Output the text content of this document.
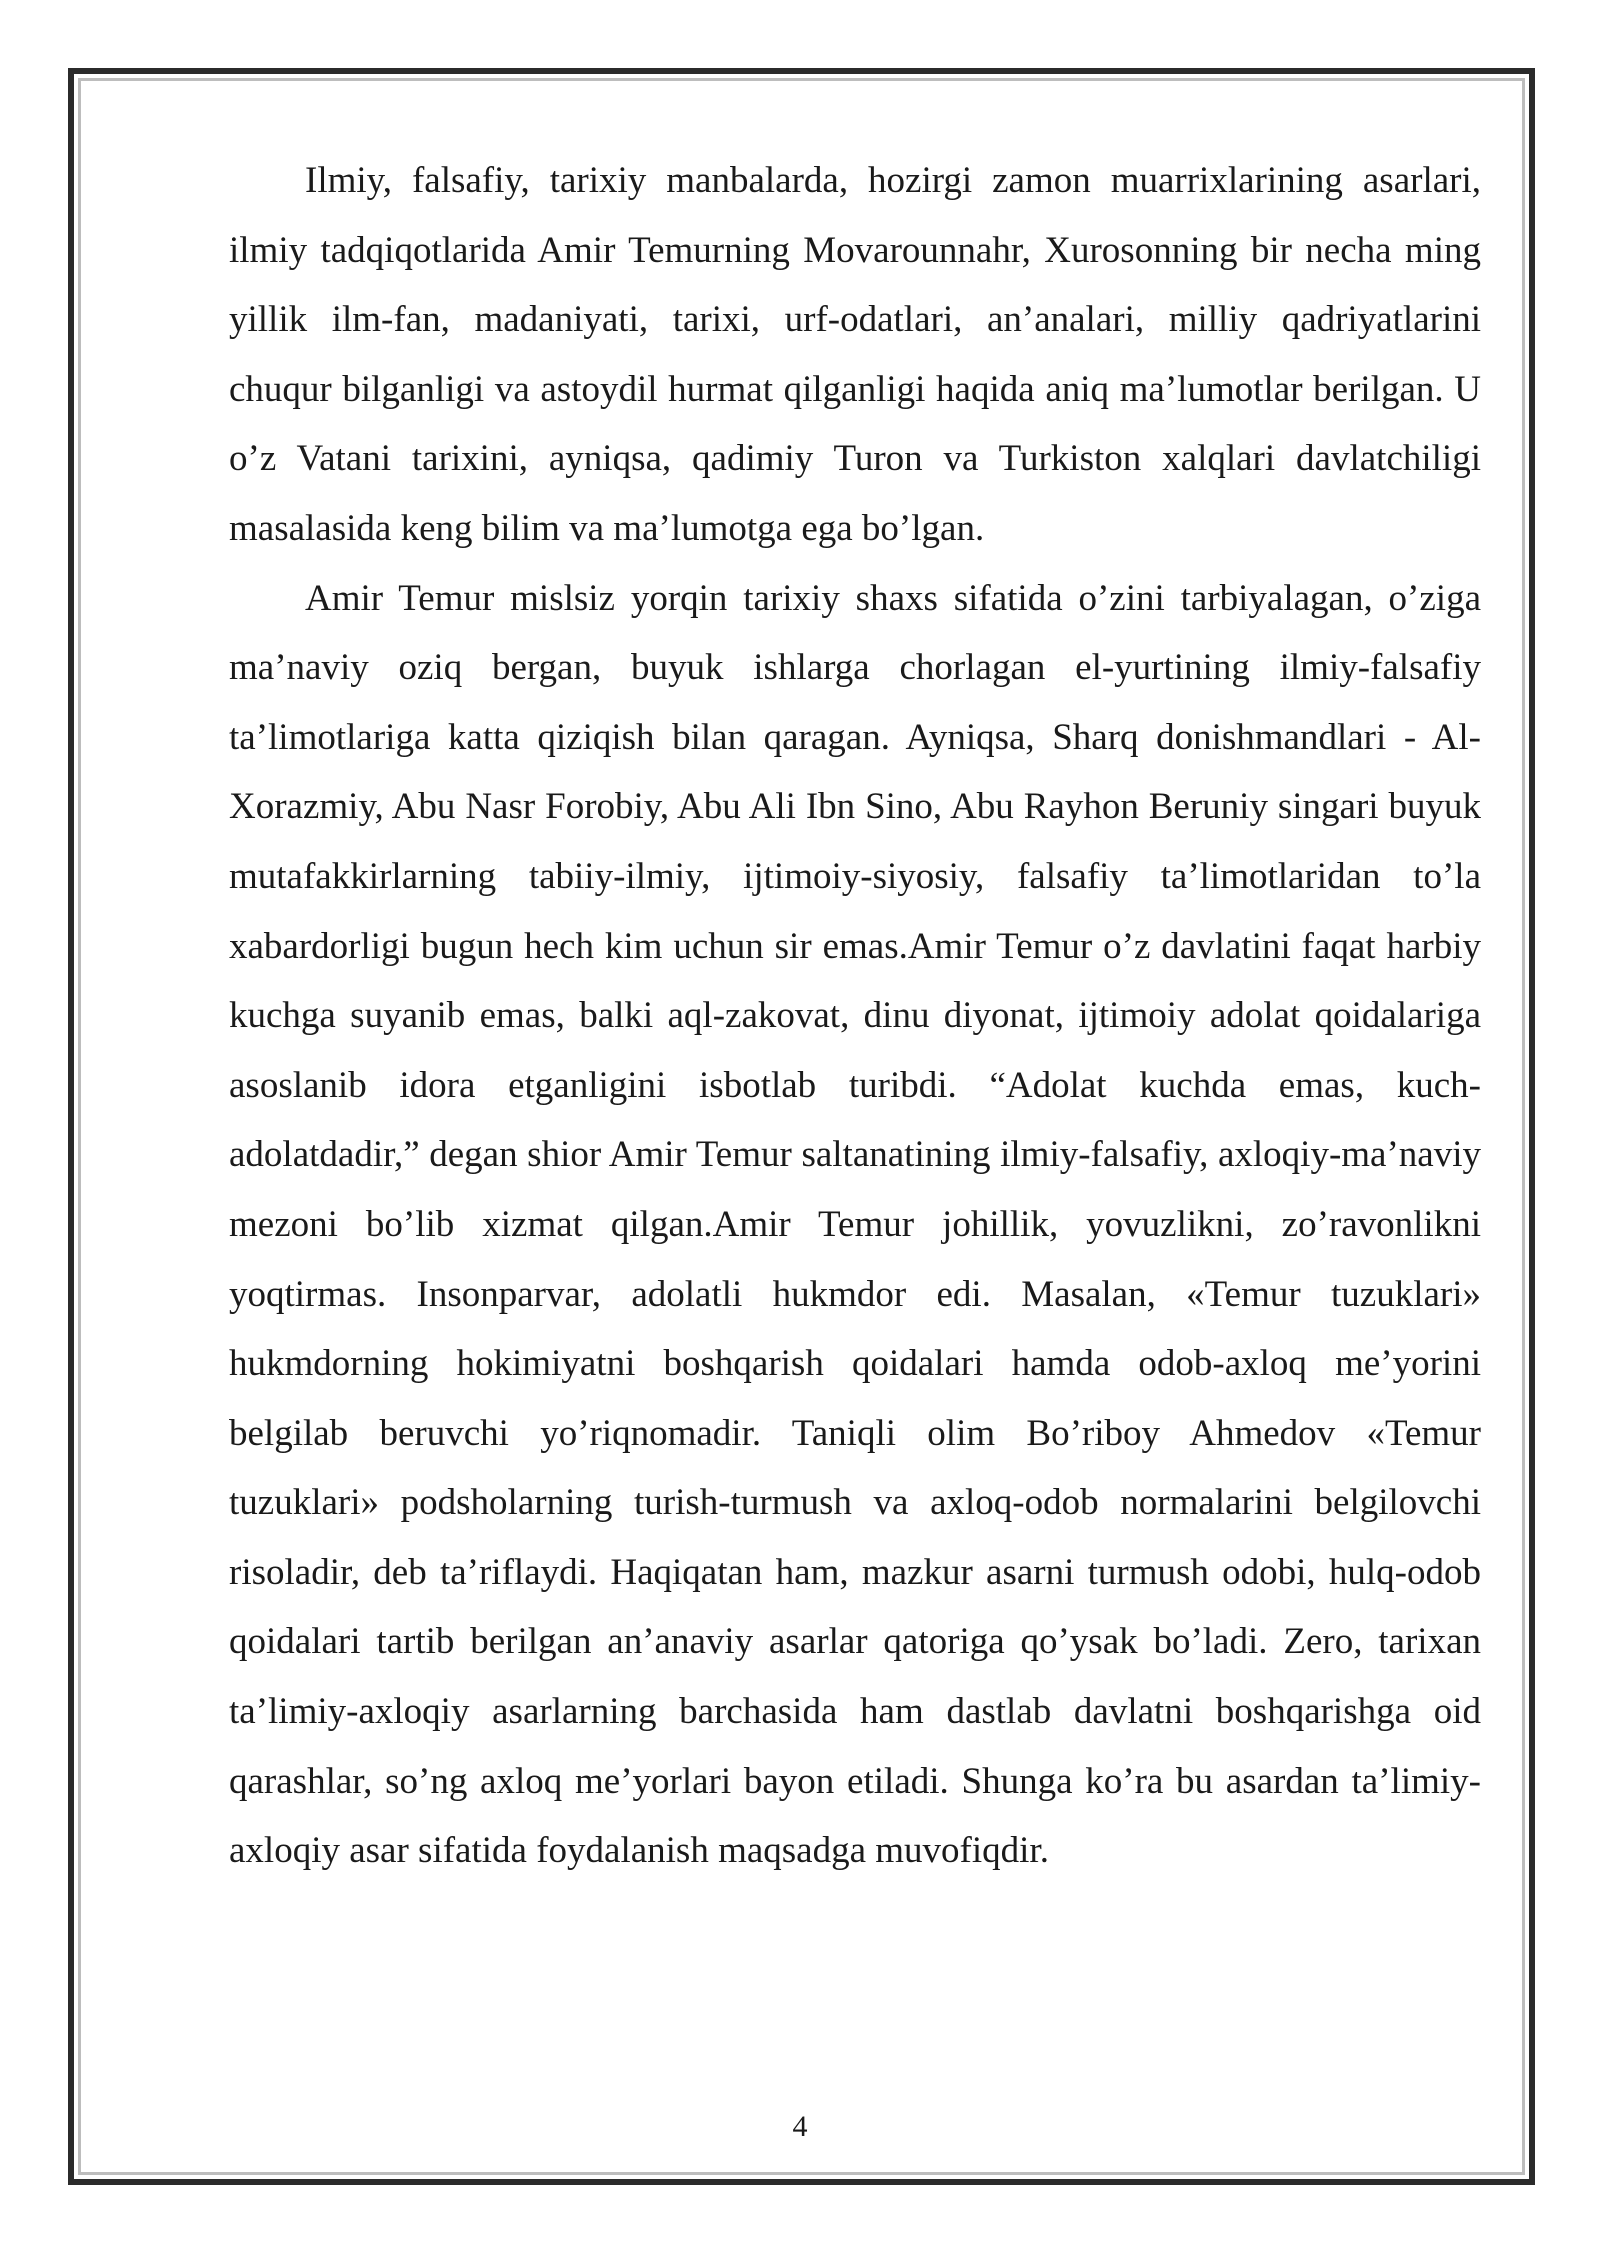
Ilmiy, falsafiy, tarixiy manbalarda, hozirgi zamon muarrixlarining asarlari, ilmiy tadqiqotlarida Amir Temurning Movarounnahr, Xurosonning bir necha ming yillik ilm-fan, madaniyati, tarixi, urf-odatlari, an’analari, milliy qadriyatlarini chuqur bilganligi va astoydil hurmat qilganligi haqida aniq ma’lumotlar berilgan. U o’z Vatani tarixini, ayniqsa, qadimiy Turon va Turkiston xalqlari davlatchiligi masalasida keng bilim va ma’lumotga ega bo’lgan.

Amir Temur mislsiz yorqin tarixiy shaxs sifatida o’zini tarbiyalagan, o’ziga ma’naviy oziq bergan, buyuk ishlarga chorlagan el-yurtining ilmiy-falsafiy ta’limotlariga katta qiziqish bilan qaragan. Ayniqsa, Sharq donishmandlari - Al-Xorazmiy, Abu Nasr Forobiy, Abu Ali Ibn Sino, Abu Rayhon Beruniy singari buyuk mutafakkirlarning tabiiy-ilmiy, ijtimoiy-siyosiy, falsafiy ta’limotlaridan to’la xabardorligi bugun hech kim uchun sir emas.Amir Temur o’z davlatini faqat harbiy kuchga suyanib emas, balki aql-zakovat, dinu diyonat, ijtimoiy adolat qoidalariga asoslanib idora etganligini isbotlab turibdi. “Adolat kuchda emas, kuch-adolatdadir,” degan shior Amir Temur saltanatining ilmiy-falsafiy, axloqiy-ma’naviy mezoni bo’lib xizmat qilgan.Amir Temur johillik, yovuzlikni, zo’ravonlikni yoqtirmas. Insonparvar, adolatli hukmdor edi. Masalan, «Temur tuzuklari» hukmdorning hokimiyatni boshqarish qoidalari hamda odob-axloq me’yorini belgilab beruvchi yo’riqnomadir. Taniqli olim Bo’riboy Ahmedov «Temur tuzuklari» podsholarning turish-turmush va axloq-odob normalarini belgilovchi risoladir, deb ta’riflaydi. Haqiqatan ham, mazkur asarni turmush odobi, hulq-odob qoidalari tartib berilgan an’anaviy asarlar qatoriga qo’ysak bo’ladi. Zero, tarixan ta’limiy-axloqiy asarlarning barchasida ham dastlab davlatni boshqarishga oid qarashlar, so’ng axloq me’yorlari bayon etiladi. Shunga ko’ra bu asardan ta’limiy-axloqiy asar sifatida foydalanish maqsadga muvofiqdir.

4
